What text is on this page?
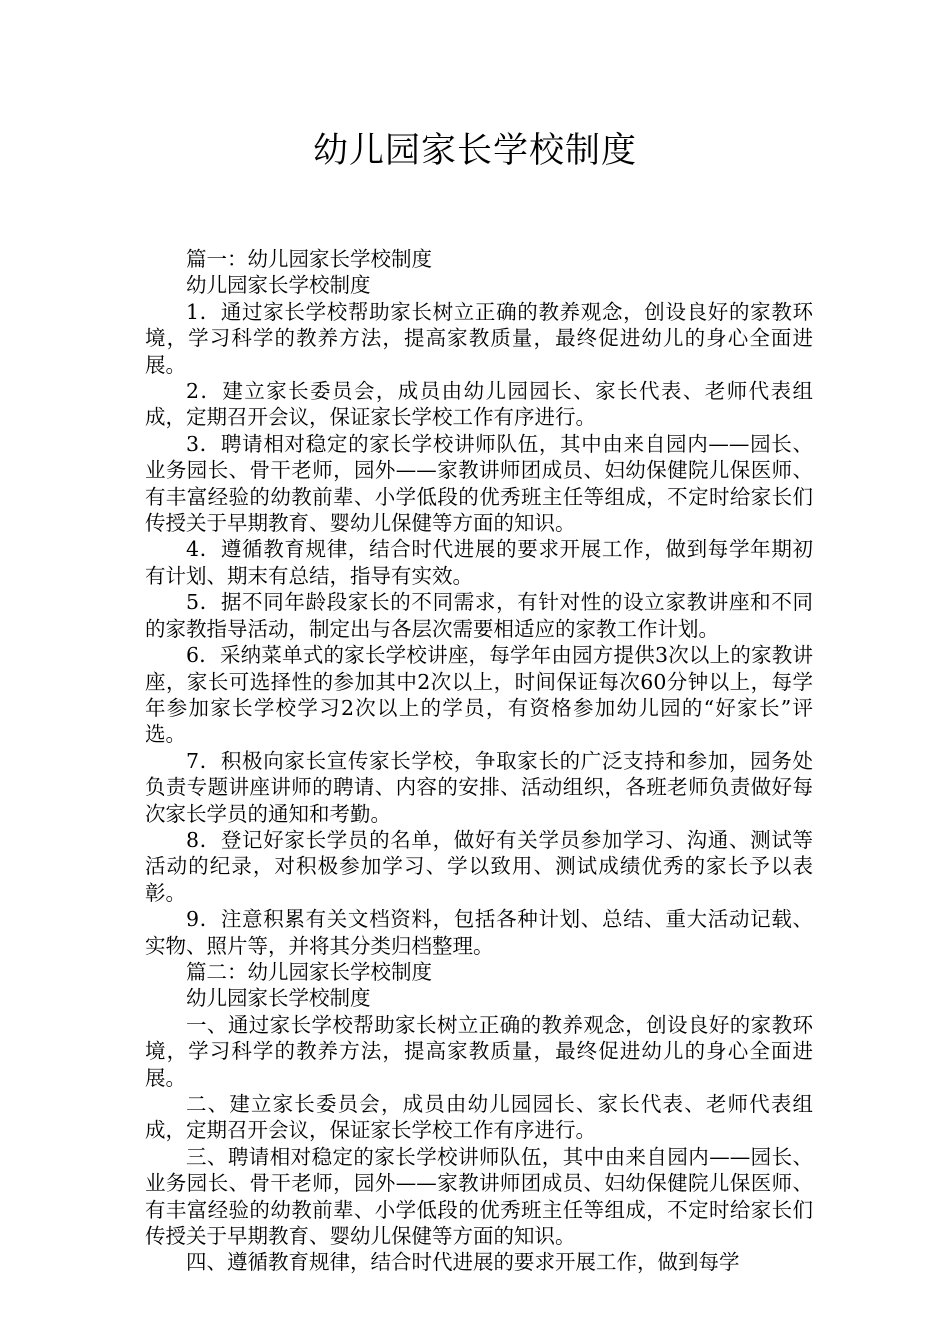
幼儿园家长学校制度

篇一：幼儿园家长学校制度

幼儿园家长学校制度

1．通过家长学校帮助家长树立正确的教养观念，创设良好的家教环境，学习科学的教养方法，提高家教质量，最终促进幼儿的身心全面进展。

2．建立家长委员会，成员由幼儿园园长、家长代表、老师代表组成，定期召开会议，保证家长学校工作有序进行。

3．聘请相对稳定的家长学校讲师队伍，其中由来自园内——园长、业务园长、骨干老师，园外——家教讲师团成员、妇幼保健院儿保医师、有丰富经验的幼教前辈、小学低段的优秀班主任等组成，不定时给家长们传授关于早期教育、婴幼儿保健等方面的知识。

4．遵循教育规律，结合时代进展的要求开展工作，做到每学年期初有计划、期末有总结，指导有实效。

5．据不同年龄段家长的不同需求，有针对性的设立家教讲座和不同的家教指导活动，制定出与各层次需要相适应的家教工作计划。

6．采纳菜单式的家长学校讲座，每学年由园方提供3次以上的家教讲座，家长可选择性的参加其中2次以上，时间保证每次60分钟以上，每学年参加家长学校学习2次以上的学员，有资格参加幼儿园的“好家长”评选。

7．积极向家长宣传家长学校，争取家长的广泛支持和参加，园务处负责专题讲座讲师的聘请、内容的安排、活动组织，各班老师负责做好每次家长学员的通知和考勤。

8．登记好家长学员的名单，做好有关学员参加学习、沟通、测试等活动的纪录，对积极参加学习、学以致用、测试成绩优秀的家长予以表彰。

9．注意积累有关文档资料，包括各种计划、总结、重大活动记载、实物、照片等，并将其分类归档整理。

篇二：幼儿园家长学校制度

幼儿园家长学校制度

一、通过家长学校帮助家长树立正确的教养观念，创设良好的家教环境，学习科学的教养方法，提高家教质量，最终促进幼儿的身心全面进展。

二、建立家长委员会，成员由幼儿园园长、家长代表、老师代表组成，定期召开会议，保证家长学校工作有序进行。

三、聘请相对稳定的家长学校讲师队伍，其中由来自园内——园长、业务园长、骨干老师，园外——家教讲师团成员、妇幼保健院儿保医师、有丰富经验的幼教前辈、小学低段的优秀班主任等组成，不定时给家长们传授关于早期教育、婴幼儿保健等方面的知识。

四、遵循教育规律，结合时代进展的要求开展工作，做到每学
